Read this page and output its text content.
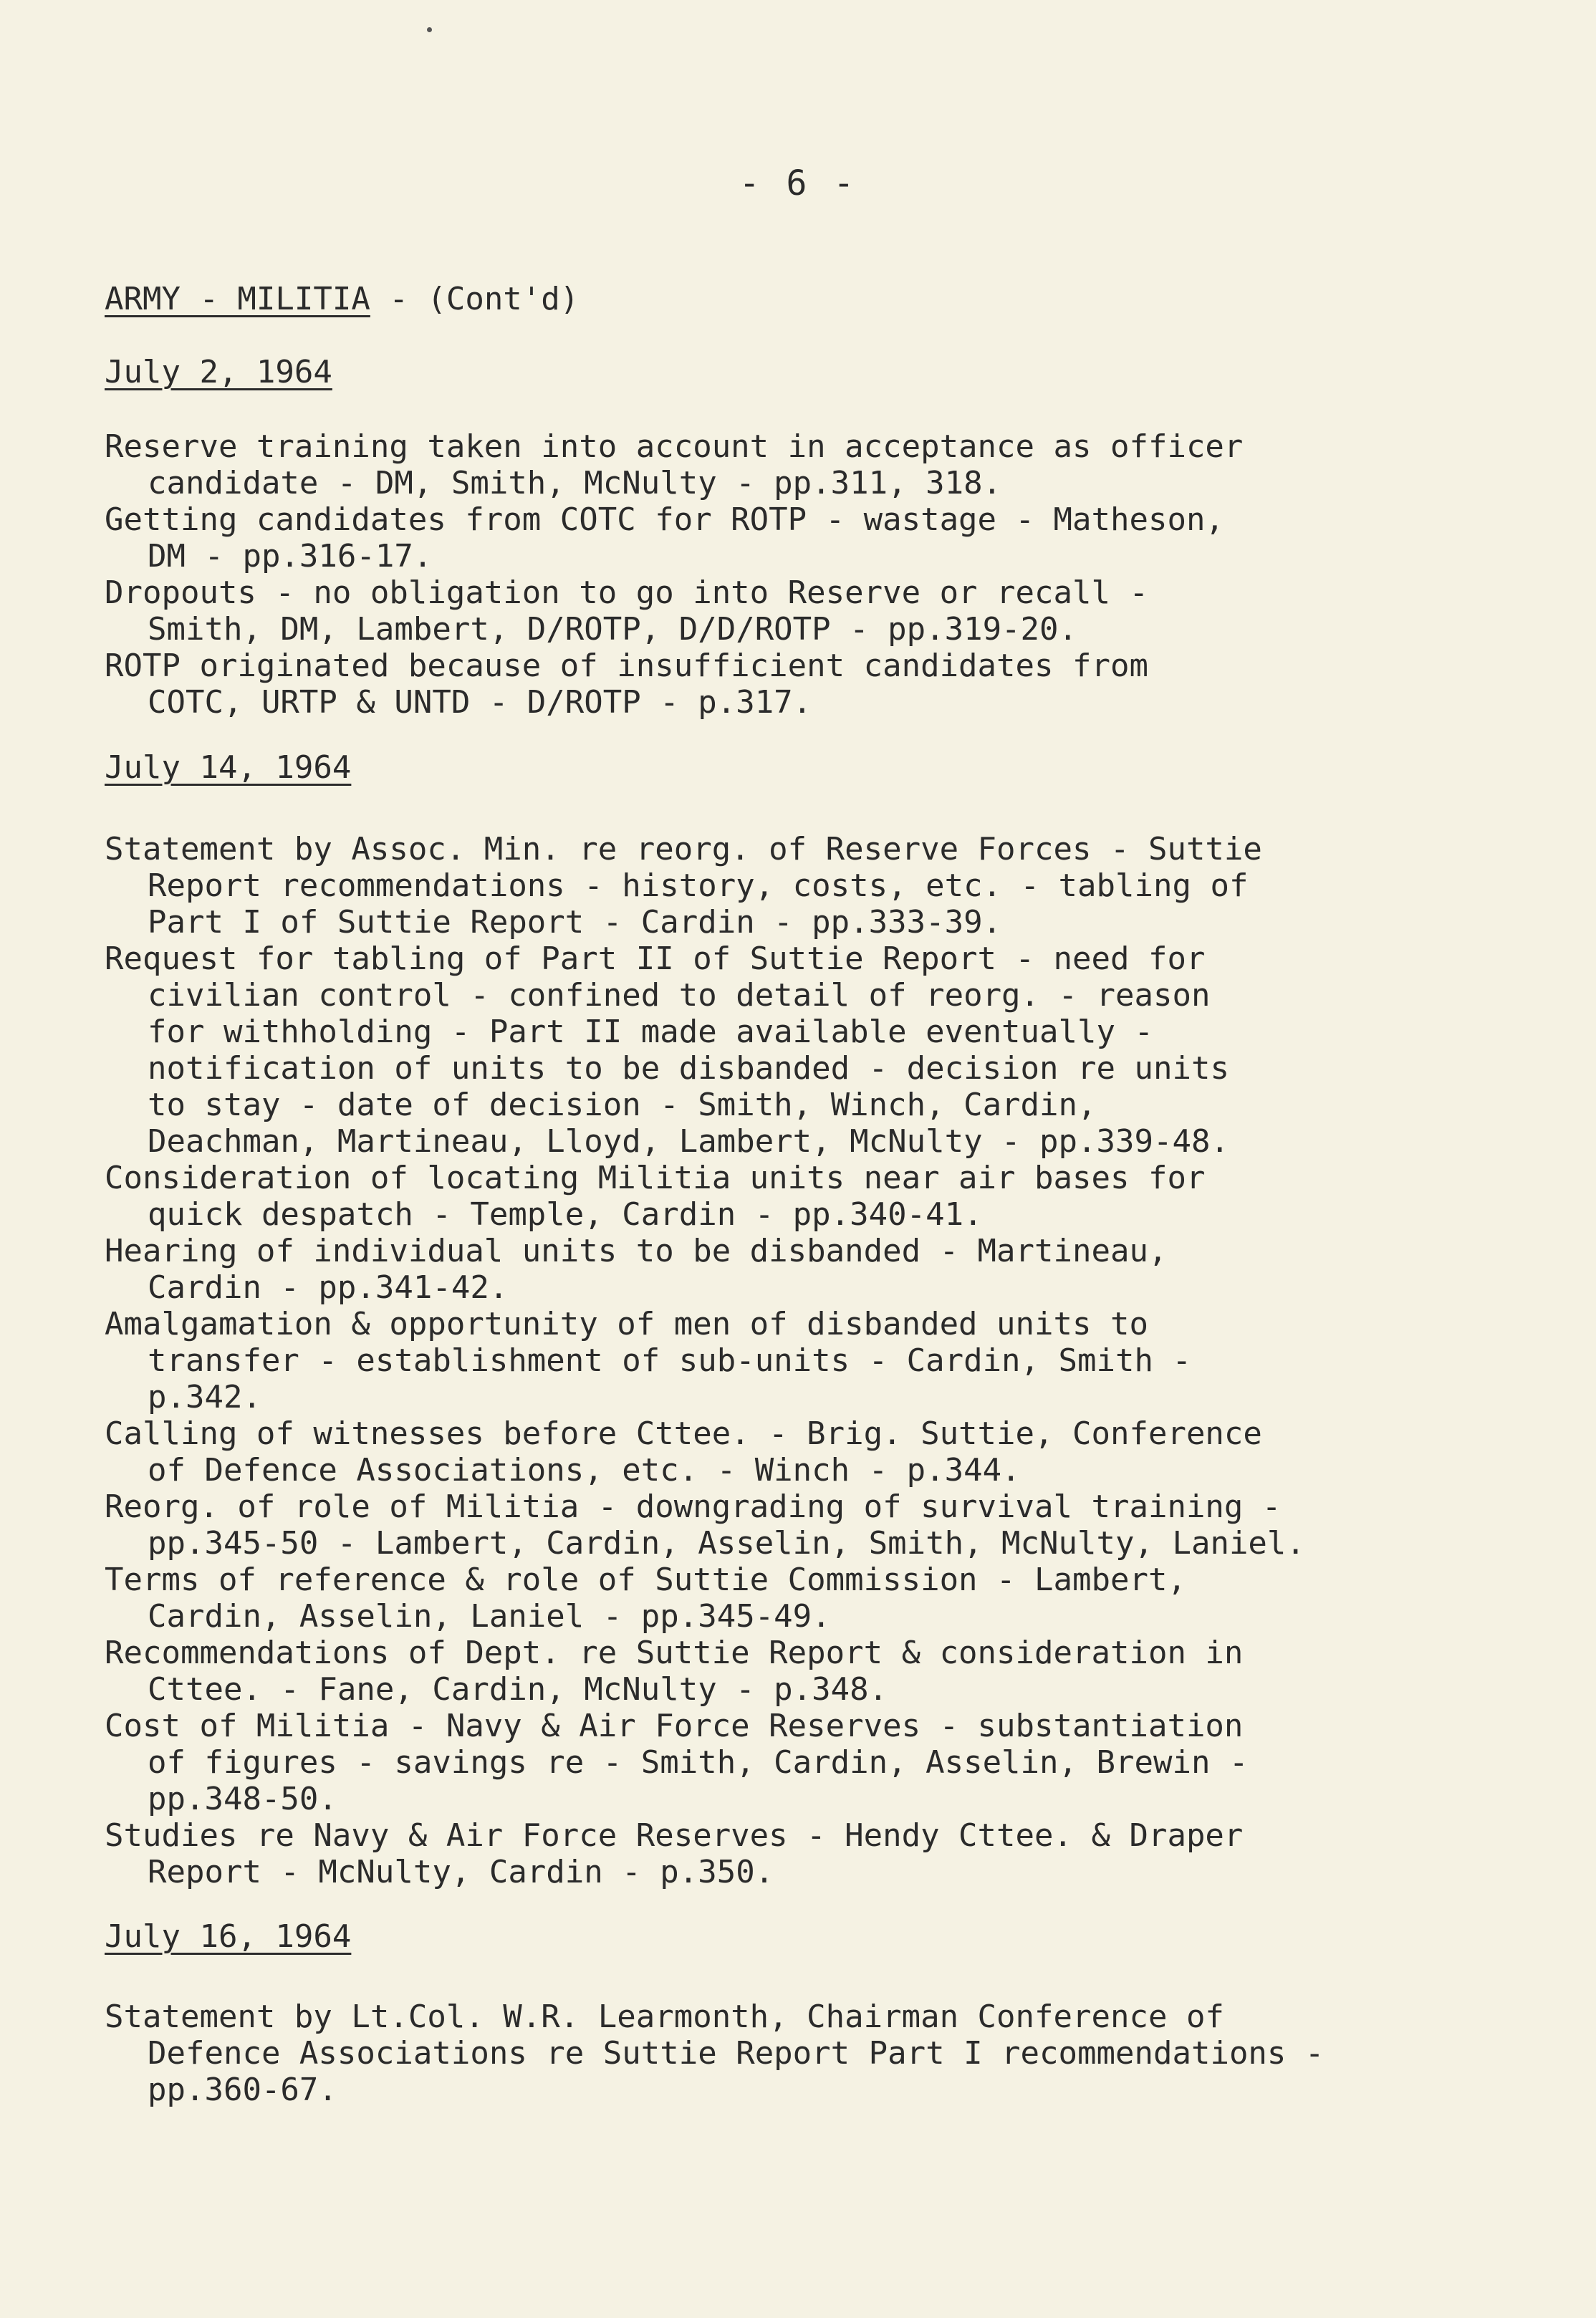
- 6 -
ARMY - MILITIA - (Cont'd)
July 2, 1964
Reserve training taken into account in acceptance as officer
candidate - DM, Smith, McNulty - pp.311, 318.
Getting candidates from COTC for ROTP - wastage - Matheson,
DM - pp.316-17.
Dropouts - no obligation to go into Reserve or recall -
Smith, DM, Lambert, D/ROTP, D/D/ROTP - pp.319-20.
ROTP originated because of insufficient candidates from
COTC, URTP & UNTD - D/ROTP - p.317.
July 14, 1964
Statement by Assoc. Min. re reorg. of Reserve Forces - Suttie
Report recommendations - history, costs, etc. - tabling of
Part I of Suttie Report - Cardin - pp.333-39.
Request for tabling of Part II of Suttie Report - need for
civilian control - confined to detail of reorg. - reason
for withholding - Part II made available eventually -
notification of units to be disbanded - decision re units
to stay - date of decision - Smith, Winch, Cardin,
Deachman, Martineau, Lloyd, Lambert, McNulty - pp.339-48.
Consideration of locating Militia units near air bases for
quick despatch - Temple, Cardin - pp.340-41.
Hearing of individual units to be disbanded - Martineau,
Cardin - pp.341-42.
Amalgamation & opportunity of men of disbanded units to
transfer - establishment of sub-units - Cardin, Smith -
p.342.
Calling of witnesses before Cttee. - Brig. Suttie, Conference
of Defence Associations, etc. - Winch - p.344.
Reorg. of role of Militia - downgrading of survival training -
pp.345-50 - Lambert, Cardin, Asselin, Smith, McNulty, Laniel.
Terms of reference & role of Suttie Commission - Lambert,
Cardin, Asselin, Laniel - pp.345-49.
Recommendations of Dept. re Suttie Report & consideration in
Cttee. - Fane, Cardin, McNulty - p.348.
Cost of Militia - Navy & Air Force Reserves - substantiation
of figures - savings re - Smith, Cardin, Asselin, Brewin -
pp.348-50.
Studies re Navy & Air Force Reserves - Hendy Cttee. & Draper
Report - McNulty, Cardin - p.350.
July 16, 1964
Statement by Lt.Col. W.R. Learmonth, Chairman Conference of
Defence Associations re Suttie Report Part I recommendations -
pp.360-67.
